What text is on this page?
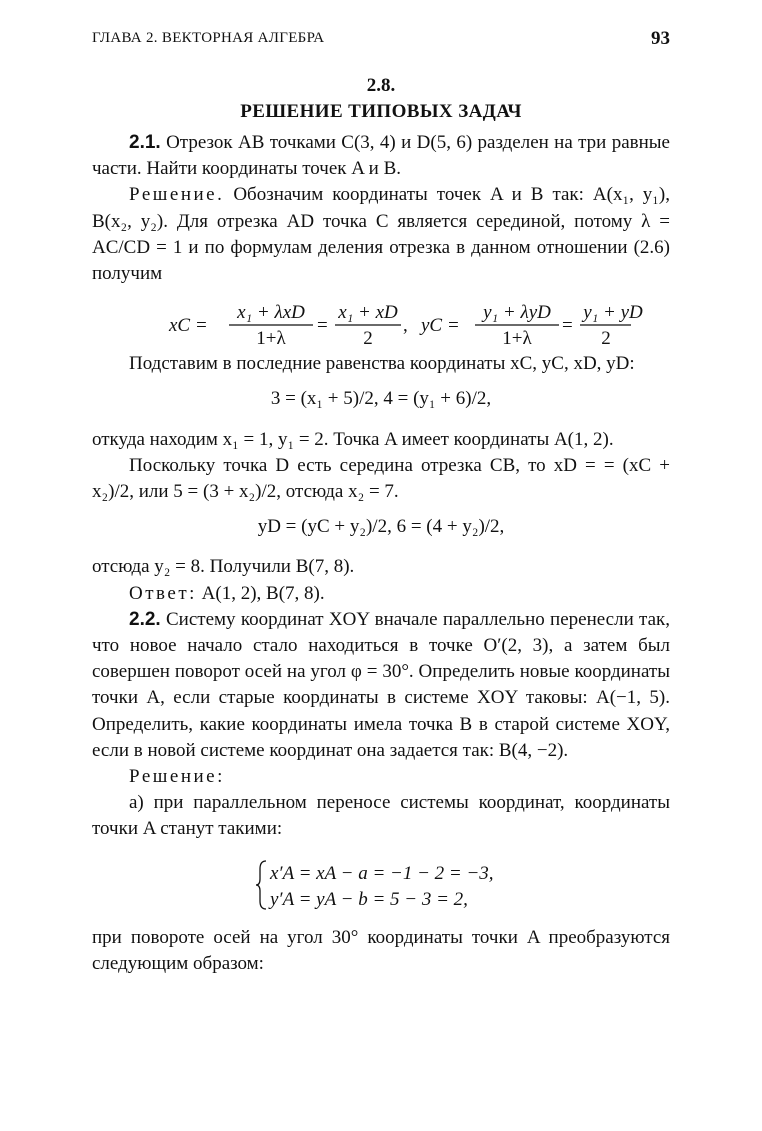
ГЛАВА 2. ВЕКТОРНАЯ АЛГЕБРА	93
2.8.
РЕШЕНИЕ ТИПОВЫХ ЗАДАЧ

2.1. Отрезок AB точками C(3, 4) и D(5, 6) разделен на три равные части. Найти координаты точек A и B.

Решение. Обозначим координаты точек A и B так: A(x₁, y₁), B(x₂, y₂). Для отрезка AD точка C является серединой, потому λ = AC/CD = 1 и по формулам деления отрезка в данном отношении (2.6) получим

xC =
x₁ + λxD
1+λ
=
x₁ + xD
2
, yC =
y₁ + λyD
1+λ
=
y₁ + yD
2

Подставим в последние равенства координаты xC, yC, xD, yD:

3 = (x₁ + 5)/2, 4 = (y₁ + 6)/2,

откуда находим x₁ = 1, y₁ = 2. Точка A имеет координаты A(1, 2).

Поскольку точка D есть середина отрезка CB, то xD = = (xC + x₂)/2, или 5 = (3 + x₂)/2, отсюда x₂ = 7.

yD = (yC + y₂)/2, 6 = (4 + y₂)/2,

отсюда y₂ = 8. Получили B(7, 8).

Ответ: A(1, 2), B(7, 8).

2.2. Систему координат XOY вначале параллельно перенесли так, что новое начало стало находиться в точке O′(2, 3), а затем был совершен поворот осей на угол φ = 30°. Определить новые координаты точки A, если старые координаты в системе XOY таковы: A(−1, 5). Определить, какие координаты имела точка B в старой системе XOY, если в новой системе координат она задается так: B(4, −2).

Решение:

а) при параллельном переносе системы координат, координаты точки A станут такими:

x′A = xA − a = −1 − 2 = −3,
y′A = yA − b = 5 − 3 = 2,

при повороте осей на угол 30° координаты точки A преобразуются следующим образом:
